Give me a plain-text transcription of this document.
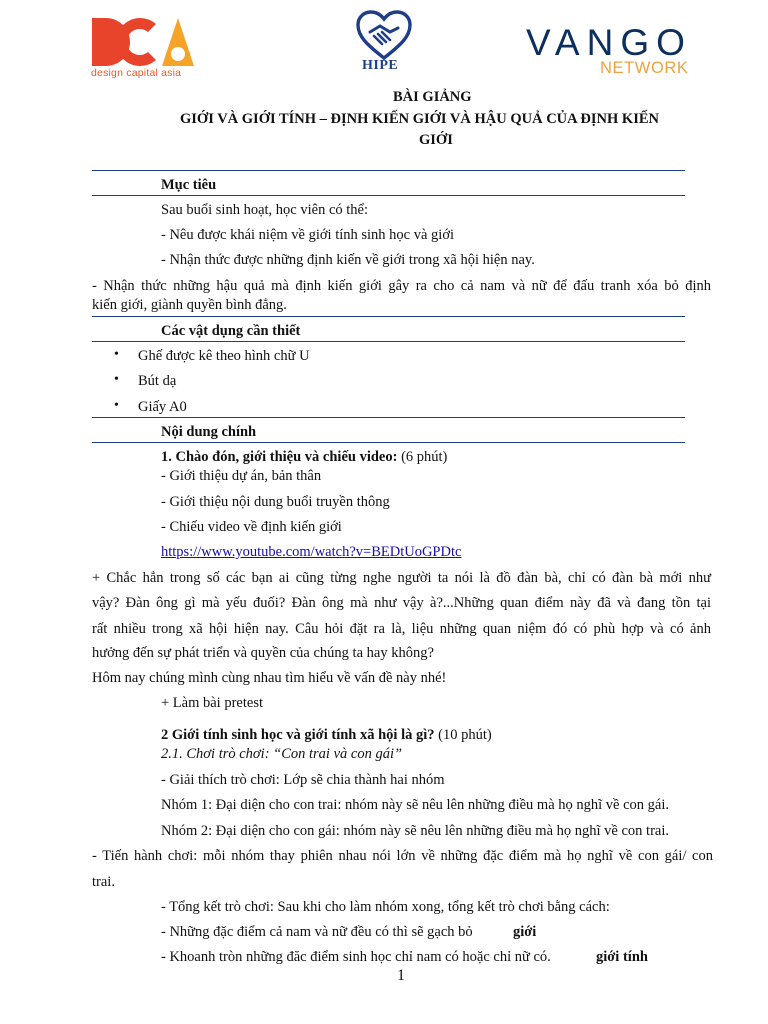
design capital asia	HIPE
VANGO
NETWORK
BÀI GIẢNG
GIỚI VÀ GIỚI TÍNH – ĐỊNH KIẾN GIỚI VÀ HẬU QUẢ CỦA ĐỊNH KIẾN
GIỚI
Mục tiêu
Sau buổi sinh hoạt, học viên có thể:
- Nêu được khái niệm về giới tính sinh học và giới
- Nhận thức được những định kiến về giới trong xã hội hiện nay.
- Nhận thức những hậu quả mà định kiến giới gây ra cho cả nam và nữ để đấu tranh xóa bỏ định
kiến giới, giành quyền bình đẳng.
Các vật dụng cần thiết
• Ghế được kê theo hình chữ U
• Bút dạ
• Giấy A0
Nội dung chính
1. Chào đón, giới thiệu và chiếu video: (6 phút)
- Giới thiệu dự án, bản thân
- Giới thiệu nội dung buổi truyền thông
- Chiếu video về định kiến giới
https://www.youtube.com/watch?v=BEDtUoGPDtc
+ Chắc hẳn trong số các bạn ai cũng từng nghe người ta nói là đồ đàn bà, chỉ có đàn bà mới như
vậy? Đàn ông gì mà yếu đuối? Đàn ông mà như vậy à?...Những quan điểm này đã và đang tồn tại
rất nhiều trong xã hội hiện nay. Câu hỏi đặt ra là, liệu những quan niệm đó có phù hợp và có ảnh
hưởng đến sự phát triển và quyền của chúng ta hay không?
Hôm nay chúng mình cùng nhau tìm hiểu về vấn đề này nhé!
+ Làm bài pretest
2 Giới tính sinh học và giới tính xã hội là gì? (10 phút)
2.1. Chơi trò chơi: “Con trai và con gái”
- Giải thích trò chơi: Lớp sẽ chia thành hai nhóm
Nhóm 1: Đại diện cho con trai: nhóm này sẽ nêu lên những điều mà họ nghĩ về con gái.
Nhóm 2: Đại diện cho con gái: nhóm này sẽ nêu lên những điều mà họ nghĩ về con trai.
- Tiến hành chơi: mỗi nhóm thay phiên nhau nói lớn về những đặc điểm mà họ nghĩ về con gái/ con
trai.
- Tổng kết trò chơi: Sau khi cho làm nhóm xong, tổng kết trò chơi bằng cách:
- Những đặc điểm cả nam và nữ đều có thì sẽ gạch bỏ	giới
- Khoanh tròn những đăc điểm sinh học chỉ nam có hoặc chỉ nữ có.	giới tính
1
